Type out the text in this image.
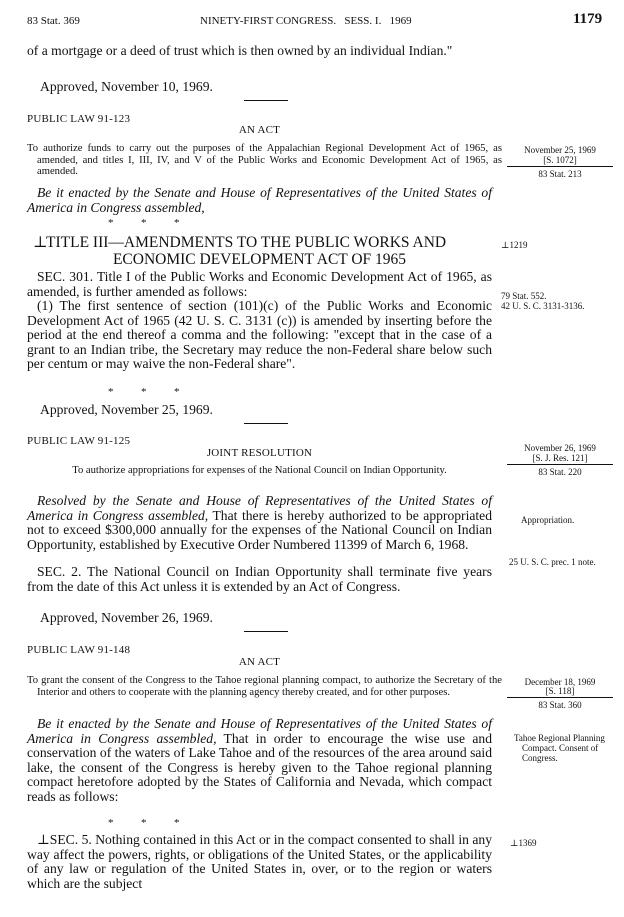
83 Stat. 369	NINETY-FIRST CONGRESS.   SESS. I.   1969	1179

of a mortgage or a deed of trust which is then owned by an individual Indian."

Approved, November 10, 1969.

PUBLIC LAW 91-123
AN ACT

To authorize funds to carry out the purposes of the Appalachian Regional Development Act of 1965, as amended, and titles I, III, IV, and V of the Public Works and Economic Development Act of 1965, as amended.

November 25, 1969
[S. 1072]
83 Stat. 213

Be it enacted by the Senate and House of Representatives of the United States of America in Congress assembled,

*          *          *
⊥
TITLE III—AMENDMENTS TO THE PUBLIC WORKS AND
ECONOMIC DEVELOPMENT ACT OF 1965
⊥1219

SEC. 301. Title I of the Public Works and Economic Development Act of 1965, as amended, is further amended as follows:

(1) The first sentence of section (101)(c) of the Public Works and Economic Development Act of 1965 (42 U. S. C. 3131 (c)) is amended by inserting before the period at the end thereof a comma and the following: "except that in the case of a grant to an Indian tribe, the Secretary may reduce the non-Federal share below such per centum or may waive the non-Federal share".

79 Stat. 552.
42 U. S. C. 3131-3136.
*          *          *

Approved, November 25, 1969.

PUBLIC LAW 91-125
JOINT RESOLUTION

To authorize appropriations for expenses of the National Council on Indian Opportunity.

November 26, 1969
[S. J. Res. 121]
83 Stat. 220

Resolved by the Senate and House of Representatives of the United States of America in Congress assembled, That there is hereby authorized to be appropriated not to exceed $300,000 annually for the expenses of the National Council on Indian Opportunity, established by Executive Order Numbered 11399 of March 6, 1968.

SEC. 2. The National Council on Indian Opportunity shall terminate five years from the date of this Act unless it is extended by an Act of Congress.

Appropriation.
25 U. S. C. prec. 1 note.

Approved, November 26, 1969.

PUBLIC LAW 91-148
AN ACT

To grant the consent of the Congress to the Tahoe regional planning compact, to authorize the Secretary of the Interior and others to cooperate with the planning agency thereby created, and for other purposes.

December 18, 1969
[S. 118]
83 Stat. 360

Be it enacted by the Senate and House of Representatives of the United States of America in Congress assembled, That in order to encourage the wise use and conservation of the waters of Lake Tahoe and of the resources of the area around said lake, the consent of the Congress is hereby given to the Tahoe regional planning compact heretofore adopted by the States of California and Nevada, which compact reads as follows:

Tahoe Regional Planning Compact. Consent of Congress.
*          *          *

⊥SEC. 5. Nothing contained in this Act or in the compact consented to shall in any way affect the powers, rights, or obligations of the United States, or the applicability of any law or regulation of the United States in, over, or to the region or waters which are the subject

⊥1369
